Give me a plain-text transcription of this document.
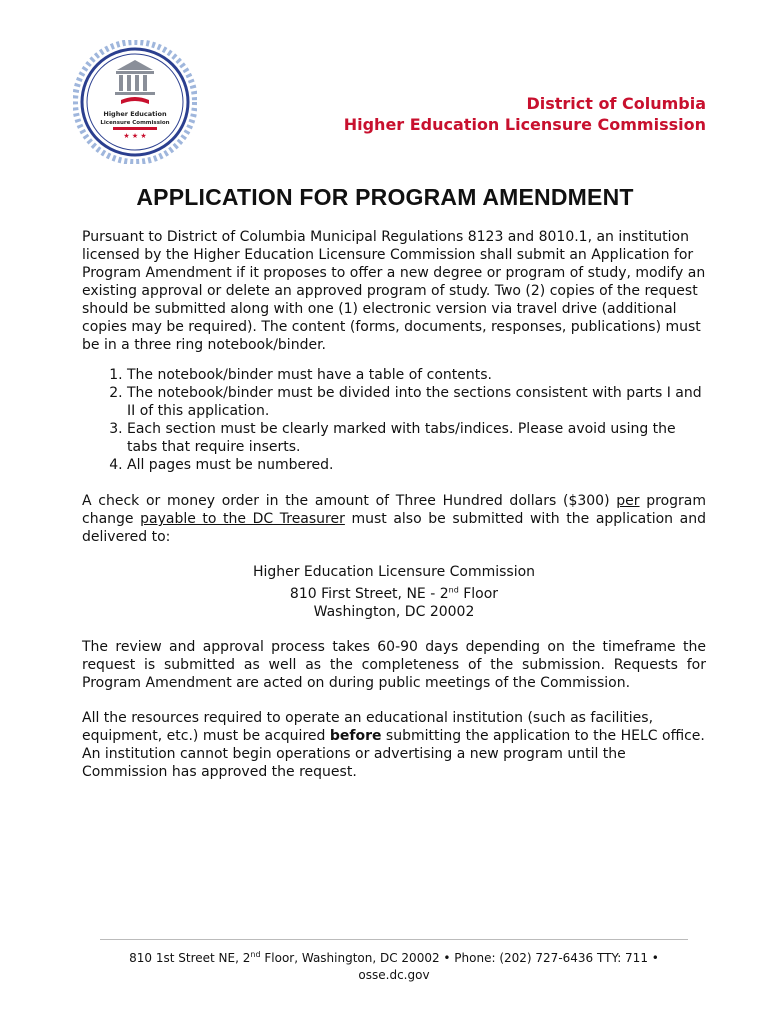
Higher Education
Licensure Commission
★ ★ ★
District of Columbia
Higher Education Licensure Commission
APPLICATION FOR PROGRAM AMENDMENT

Pursuant to District of Columbia Municipal Regulations 8123 and 8010.1, an institution licensed by the Higher Education Licensure Commission shall submit an Application for Program Amendment if it proposes to offer a new degree or program of study, modify an existing approval or delete an approved program of study. Two (2) copies of the request should be submitted along with one (1) electronic version via travel drive (additional copies may be required). The content (forms, documents, responses, publications) must be in a three ring notebook/binder.

1. The notebook/binder must have a table of contents.
2. The notebook/binder must be divided into the sections consistent with parts I and II of this application.
3. Each section must be clearly marked with tabs/indices. Please avoid using the tabs that require inserts.
4. All pages must be numbered.

A check or money order in the amount of Three Hundred dollars ($300) per program change payable to the DC Treasurer must also be submitted with the application and delivered to:

Higher Education Licensure Commission
810 First Street, NE - 2nd Floor
Washington, DC 20002

The review and approval process takes 60-90 days depending on the timeframe the request is submitted as well as the completeness of the submission. Requests for Program Amendment are acted on during public meetings of the Commission.

All the resources required to operate an educational institution (such as facilities, equipment, etc.) must be acquired before submitting the application to the HELC office. An institution cannot begin operations or advertising a new program until the Commission has approved the request.

810 1st Street NE, 2nd Floor, Washington, DC 20002 • Phone: (202) 727-6436 TTY: 711 •
osse.dc.gov
